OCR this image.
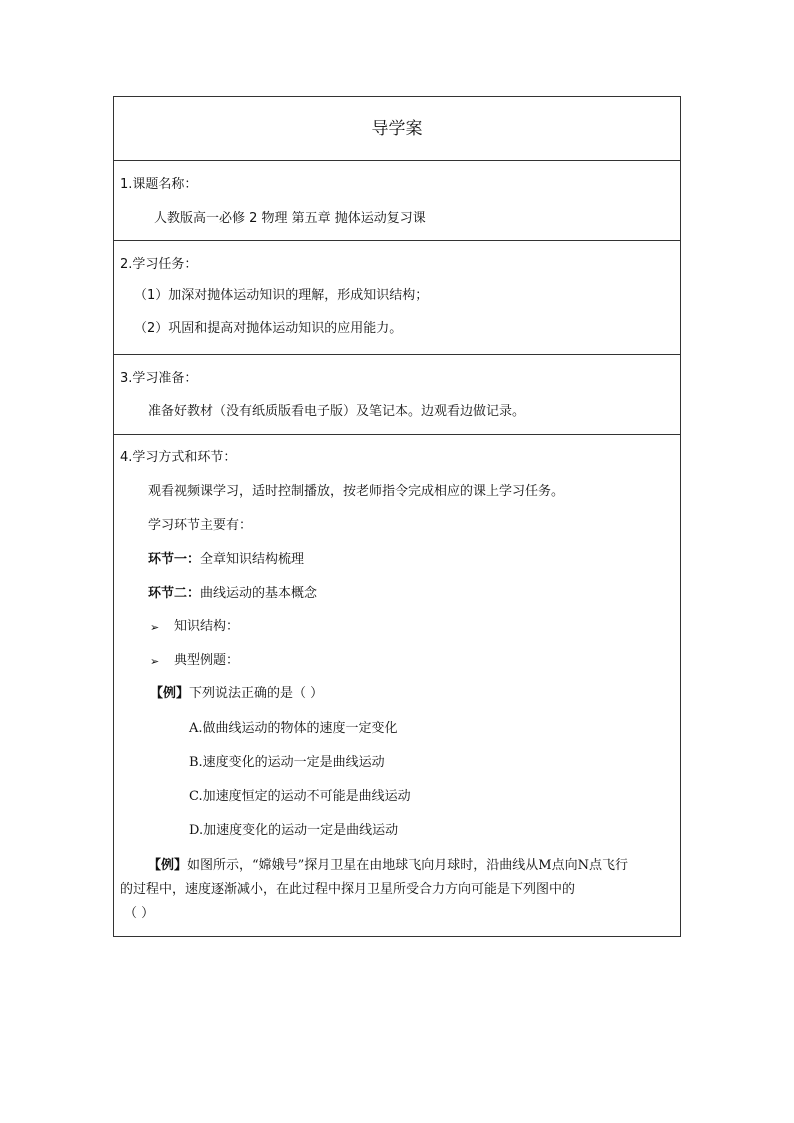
导学案
1.课题名称：
人教版高一必修 2 物理 第五章 抛体运动复习课
2.学习任务：
（1）加深对抛体运动知识的理解，形成知识结构；
（2）巩固和提高对抛体运动知识的应用能力。
3.学习准备：
准备好教材（没有纸质版看电子版）及笔记本。边观看边做记录。
4.学习方式和环节：
观看视频课学习，适时控制播放，按老师指令完成相应的课上学习任务。
学习环节主要有：
环节一：全章知识结构梳理
环节二：曲线运动的基本概念
➢ 知识结构：
➢ 典型例题：
【例】下列说法正确的是（ ）
A.做曲线运动的物体的速度一定变化
B.速度变化的运动一定是曲线运动
C.加速度恒定的运动不可能是曲线运动
D.加速度变化的运动一定是曲线运动
【例】如图所示，“嫦娥号”探月卫星在由地球飞向月球时，沿曲线从M点向N点飞行
的过程中，速度逐渐减小，在此过程中探月卫星所受合力方向可能是下列图中的
（ ）
